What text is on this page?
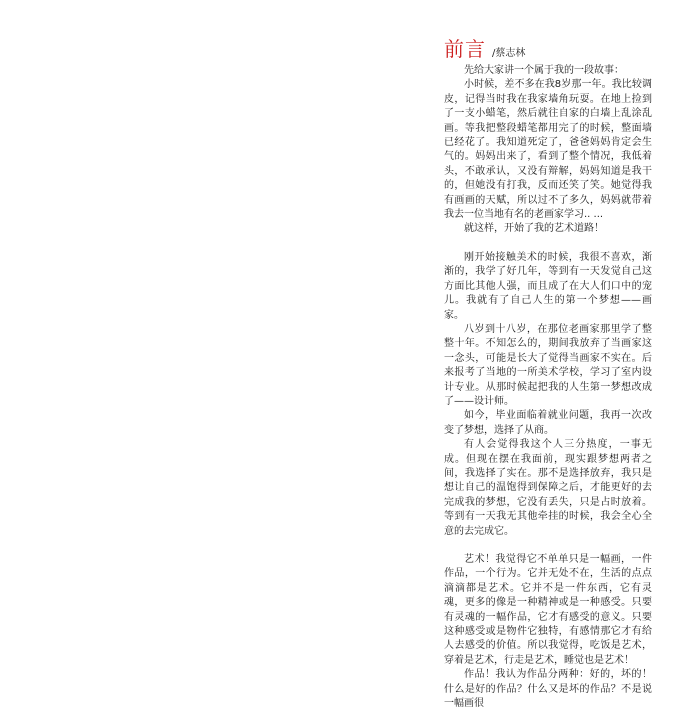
前言 /蔡志林

先给大家讲一个属于我的一段故事：

小时候，差不多在我8岁那一年。我比较调皮，记得当时我在我家墙角玩耍。在地上捡到了一支小蜡笔，然后就往自家的白墙上乱涂乱画。等我把整段蜡笔都用完了的时候，整面墙已经花了。我知道死定了，爸爸妈妈肯定会生气的。妈妈出来了，看到了整个情况，我低着头，不敢承认，又没有辩解，妈妈知道是我干的，但她没有打我，反而还笑了笑。她觉得我有画画的天赋，所以过不了多久，妈妈就带着我去一位当地有名的老画家学习.. ...

就这样，开始了我的艺术道路！

刚开始接触美术的时候，我很不喜欢，渐渐的，我学了好几年，等到有一天发觉自己这方面比其他人强，而且成了在大人们口中的宠儿。我就有了自己人生的第一个梦想——画家。

八岁到十八岁，在那位老画家那里学了整整十年。不知怎么的，期间我放弃了当画家这一念头，可能是长大了觉得当画家不实在。后来报考了当地的一所美术学校，学习了室内设计专业。从那时候起把我的人生第一梦想改成了——设计师。

如今，毕业面临着就业问题，我再一次改变了梦想，选择了从商。

有人会觉得我这个人三分热度，一事无成。但现在摆在我面前，现实跟梦想两者之间，我选择了实在。那不是选择放弃，我只是想让自己的温饱得到保障之后，才能更好的去完成我的梦想，它没有丢失，只是占时放着。等到有一天我无其他牵挂的时候，我会全心全意的去完成它。

艺术！我觉得它不单单只是一幅画，一件作品，一个行为。它并无处不在，生活的点点滴滴都是艺术。它并不是一件东西，它有灵魂，更多的像是一种精神或是一种感受。只要有灵魂的一幅作品，它才有感受的意义。只要这种感受或是物件它独特，有感情那它才有给人去感受的价值。所以我觉得，吃饭是艺术，穿着是艺术，行走是艺术，睡觉也是艺术！

作品！我认为作品分两种：好的，坏的！什么是好的作品？什么又是坏的作品？不是说一幅画很
